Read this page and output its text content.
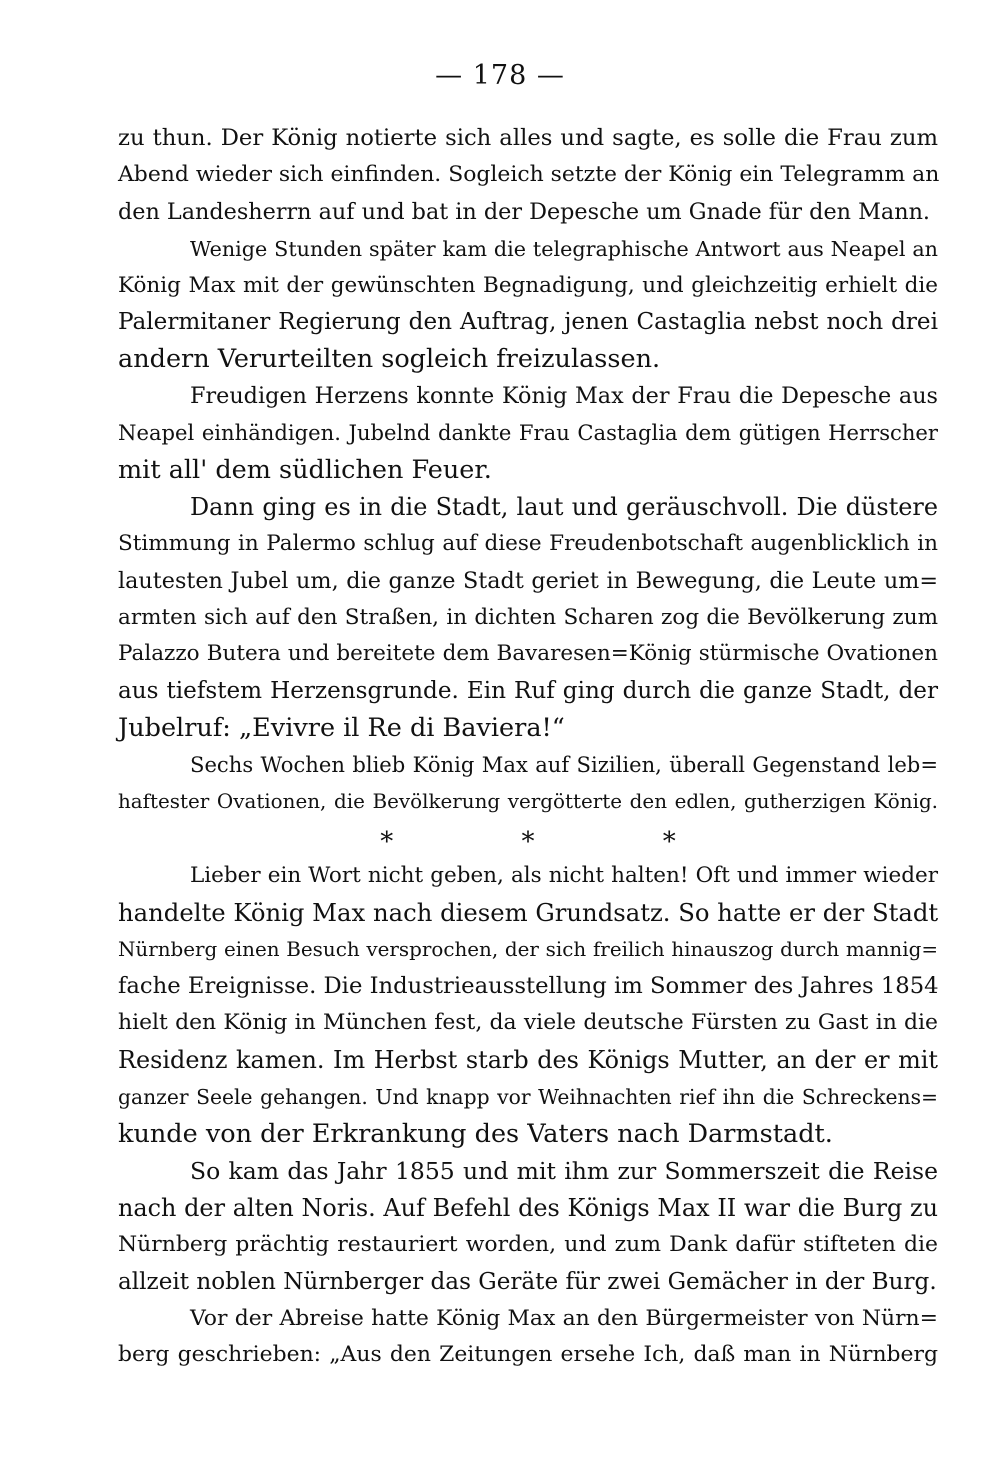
— 178 —
zu thun. Der König notierte sich alles und sagte, es solle die Frau zum
Abend wieder sich einfinden. Sogleich setzte der König ein Telegramm an
den Landesherrn auf und bat in der Depesche um Gnade für den Mann.
Wenige Stunden später kam die telegraphische Antwort aus Neapel an
König Max mit der gewünschten Begnadigung, und gleichzeitig erhielt die
Palermitaner Regierung den Auftrag, jenen Castaglia nebst noch drei
andern Verurteilten sogleich freizulassen.
Freudigen Herzens konnte König Max der Frau die Depesche aus
Neapel einhändigen. Jubelnd dankte Frau Castaglia dem gütigen Herrscher
mit all' dem südlichen Feuer.
Dann ging es in die Stadt, laut und geräuschvoll. Die düstere
Stimmung in Palermo schlug auf diese Freudenbotschaft augenblicklich in
lautesten Jubel um, die ganze Stadt geriet in Bewegung, die Leute um=
armten sich auf den Straßen, in dichten Scharen zog die Bevölkerung zum
Palazzo Butera und bereitete dem Bavaresen=König stürmische Ovationen
aus tiefstem Herzensgrunde. Ein Ruf ging durch die ganze Stadt, der
Jubelruf: „Evivre il Re di Baviera!“
Sechs Wochen blieb König Max auf Sizilien, überall Gegenstand leb=
haftester Ovationen, die Bevölkerung vergötterte den edlen, gutherzigen König.
* * *
Lieber ein Wort nicht geben, als nicht halten! Oft und immer wieder
handelte König Max nach diesem Grundsatz. So hatte er der Stadt
Nürnberg einen Besuch versprochen, der sich freilich hinauszog durch mannig=
fache Ereignisse. Die Industrieausstellung im Sommer des Jahres 1854
hielt den König in München fest, da viele deutsche Fürsten zu Gast in die
Residenz kamen. Im Herbst starb des Königs Mutter, an der er mit
ganzer Seele gehangen. Und knapp vor Weihnachten rief ihn die Schreckens=
kunde von der Erkrankung des Vaters nach Darmstadt.
So kam das Jahr 1855 und mit ihm zur Sommerszeit die Reise
nach der alten Noris. Auf Befehl des Königs Max II war die Burg zu
Nürnberg prächtig restauriert worden, und zum Dank dafür stifteten die
allzeit noblen Nürnberger das Geräte für zwei Gemächer in der Burg.
Vor der Abreise hatte König Max an den Bürgermeister von Nürn=
berg geschrieben: „Aus den Zeitungen ersehe Ich, daß man in Nürnberg
